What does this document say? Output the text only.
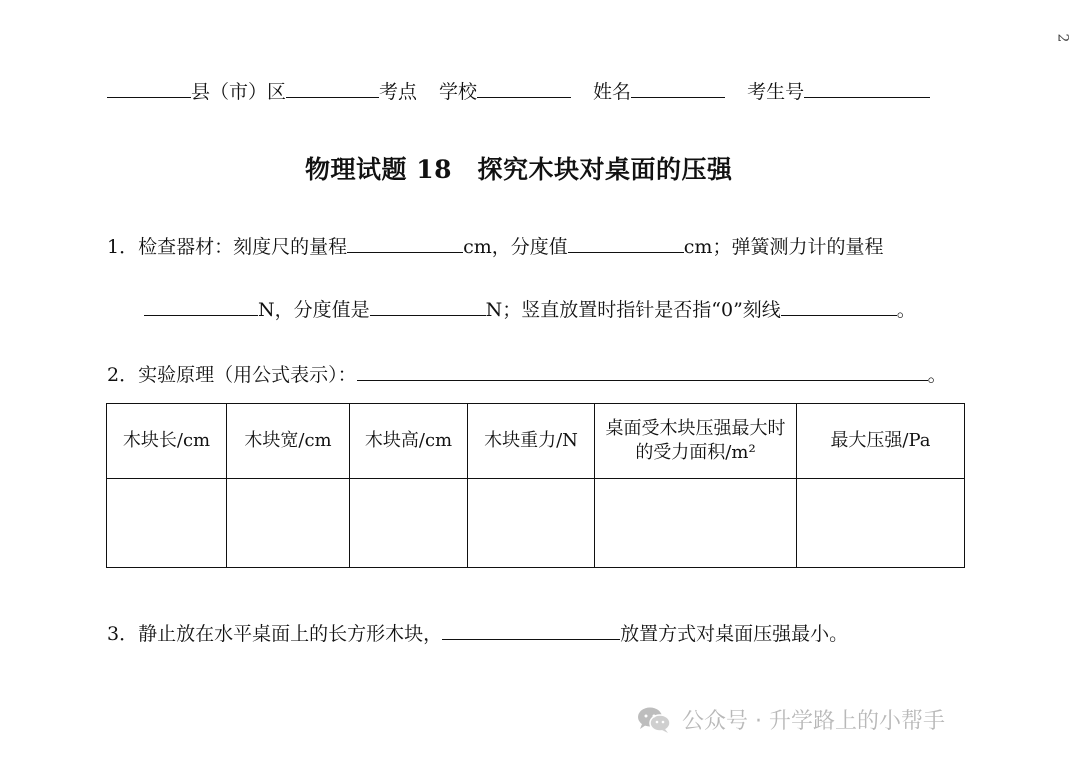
2
县（市）区	考点 学校	姓名	考生号
物理试题 18　探究木块对桌面的压强
1．检查器材：刻度尺的量程	cm，分度值	cm；弹簧测力计的量程
N，分度值是	N；竖直放置时指针是否指“0”刻线	。
2．实验原理（用公式表示）：	。
木块长/cm	木块宽/cm	木块高/cm	木块重力/N	桌面受木块压强最大时的受力面积/m²	最大压强/Pa

3．静止放在水平桌面上的长方形木块，	放置方式对桌面压强最小。
公众号 · 升学路上的小帮手
